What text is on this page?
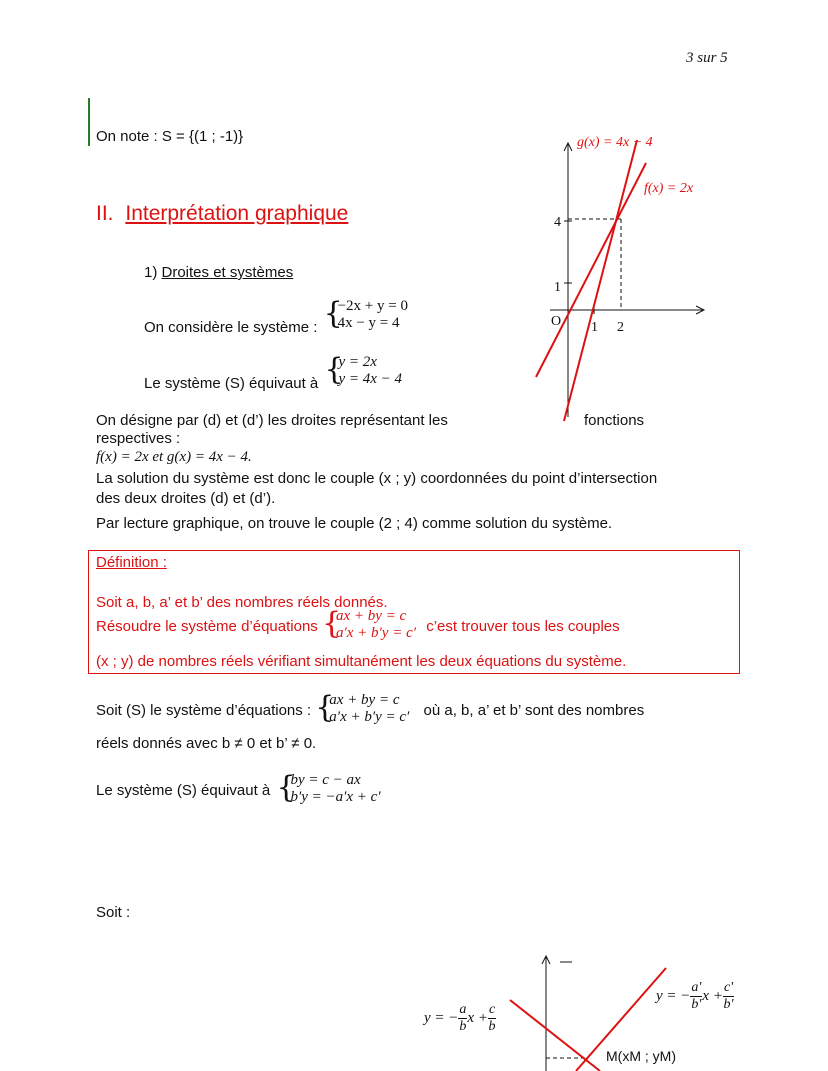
3 sur 5
On note : S = {(1 ; -1)}
II. Interprétation graphique
1) Droites et systèmes
On considère le système : {
−2x + y = 0
4x − y = 4
Le système (S) équivaut à {
y = 2x
y = 4x − 4
g(x) = 4x − 4
f(x) = 2x
4
1
O 1 2
On désigne par (d) et (d’) les droites représentant les	fonctions
respectives :
f(x) = 2x et g(x) = 4x − 4.
La solution du système est donc le couple (x ; y) coordonnées du point d’intersection
des deux droites (d) et (d’).
Par lecture graphique, on trouve le couple (2 ; 4) comme solution du système.
Définition :
Soit a, b, a’ et b’ des nombres réels donnés.
Résoudre le système d’équations {
ax + by = c
a′x + b′y = c′ c’est trouver tous les couples
(x ; y) de nombres réels vérifiant simultanément les deux équations du système.
Soit (S) le système d’équations : {
ax + by = c
a′x + b′y = c′ où a, b, a’ et b’ sont des nombres
réels donnés avec b ≠ 0 et b’ ≠ 0.
Le système (S) équivaut à {
by = c − ax
b′y = −a′x + c′
Soit :
y = − $\frac{a}{b}$ $x + \frac{c}{b}$
y = − $\frac{a'}{b'}$ $x + \frac{c'}{b'}$
M(xM ; yM)
